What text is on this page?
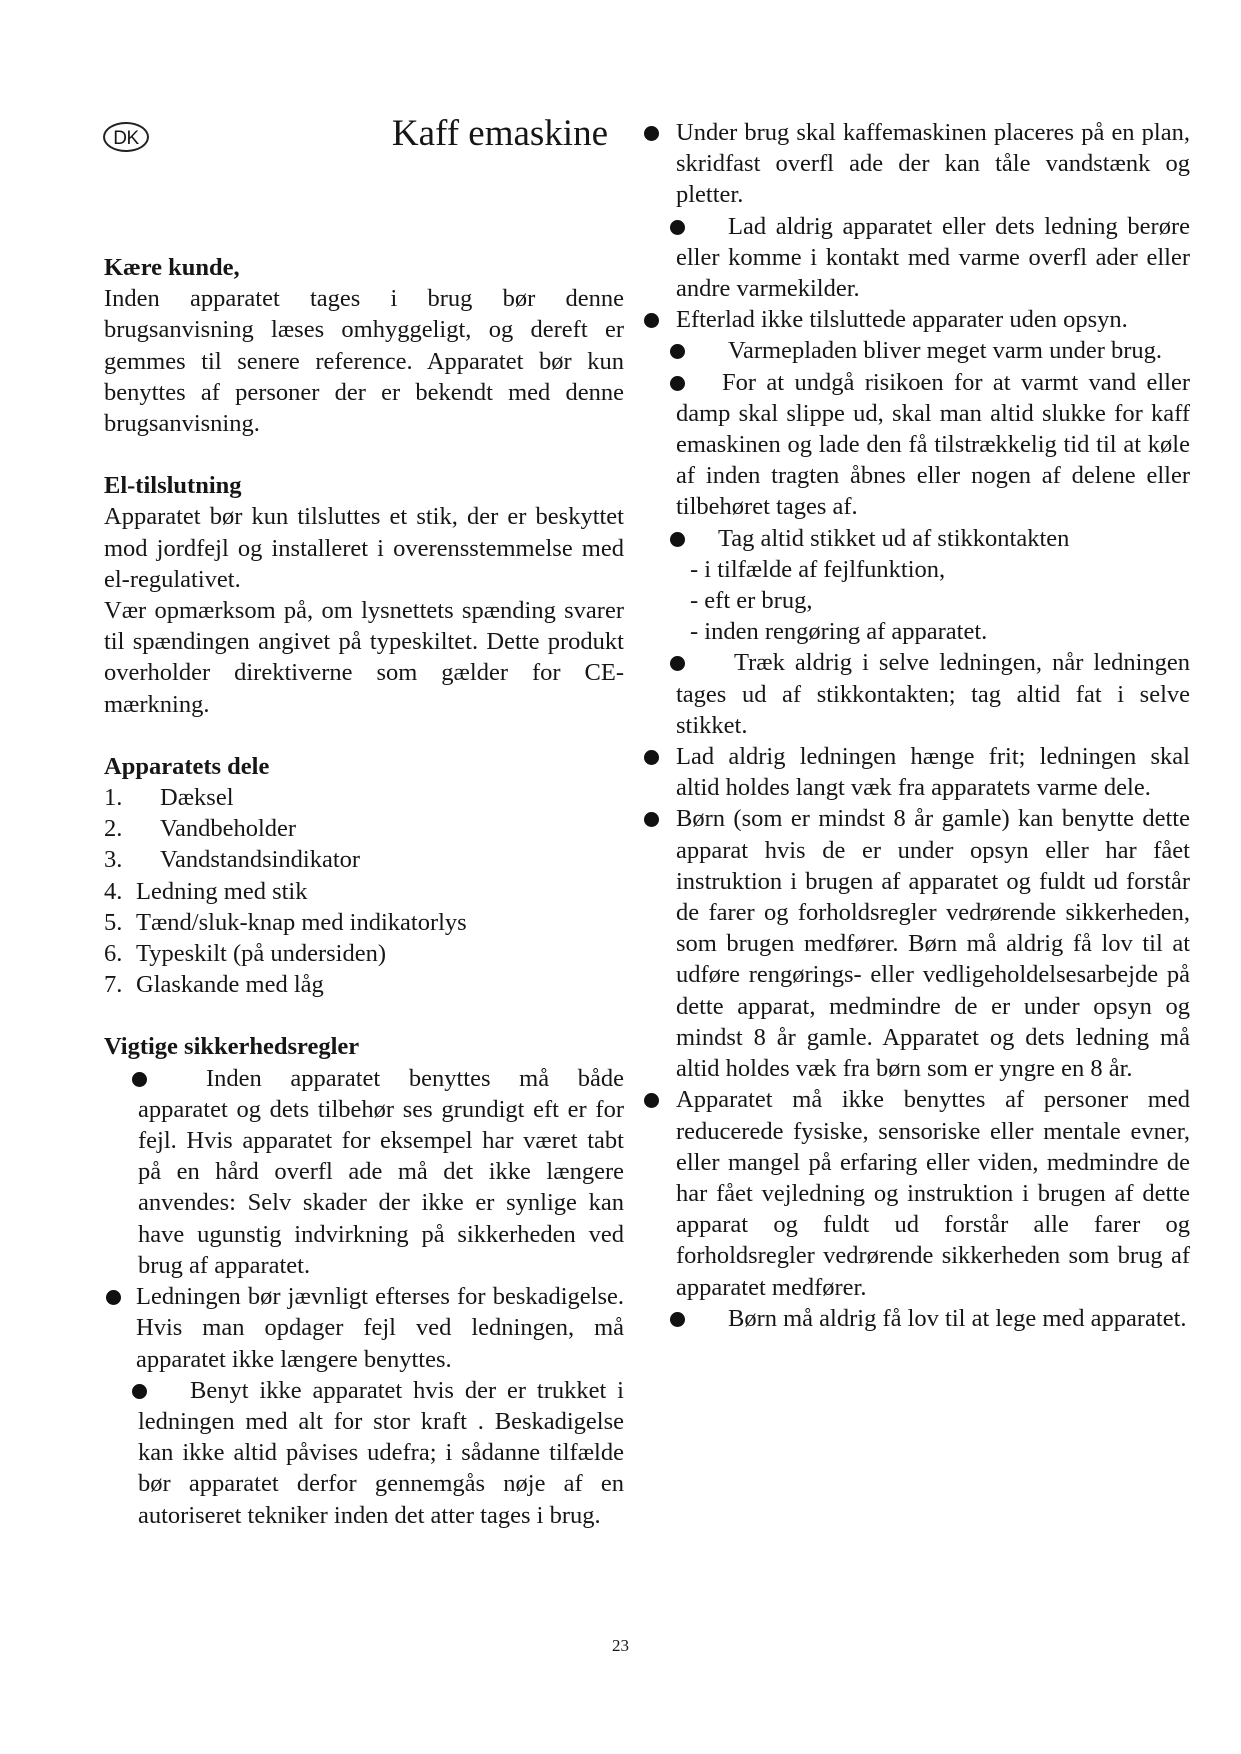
DK	Kaff emaskine

Kære kunde,

Inden apparatet tages i brug bør denne brugsanvisning læses omhyggeligt, og dereft er gemmes til senere reference. Apparatet bør kun benyttes af personer der er bekendt med denne brugsanvisning.

El-tilslutning

Apparatet bør kun tilsluttes et stik, der er beskyttet mod jordfejl og installeret i overensstemmelse med el-regulativet.

Vær opmærksom på, om lysnettets spænding svarer til spændingen angivet på typeskiltet. Dette produkt overholder direktiverne som gælder for CE-mærkning.

Apparatets dele

1. Dæksel
2. Vandbeholder
3. Vandstandsindikator
4. Ledning med stik
5. Tænd/sluk-knap med indikatorlys
6. Typeskilt (på undersiden)
7. Glaskande med låg

Vigtige sikkerhedsregler

Inden apparatet benyttes må både apparatet og dets tilbehør ses grundigt eft er for fejl. Hvis apparatet for eksempel har været tabt på en hård overfl ade må det ikke længere anvendes: Selv skader der ikke er synlige kan have ugunstig indvirkning på sikkerheden ved brug af apparatet.

Ledningen bør jævnligt efterses for beskadigelse. Hvis man opdager fejl ved ledningen, må apparatet ikke længere benyttes.

Benyt ikke apparatet hvis der er trukket i ledningen med alt for stor kraft . Beskadigelse kan ikke altid påvises udefra; i sådanne tilfælde bør apparatet derfor gennemgås nøje af en autoriseret tekniker inden det atter tages i brug.

Under brug skal kaffemaskinen placeres på en plan, skridfast overfl ade der kan tåle vandstænk og pletter.

Lad aldrig apparatet eller dets ledning berøre eller komme i kontakt med varme overfl ader eller andre varmekilder.

Efterlad ikke tilsluttede apparater uden opsyn.

Varmepladen bliver meget varm under brug.

For at undgå risikoen for at varmt vand eller damp skal slippe ud, skal man altid slukke for kaff emaskinen og lade den få tilstrækkelig tid til at køle af inden tragten åbnes eller nogen af delene eller tilbehøret tages af.

Tag altid stikket ud af stikkontakten

- i tilfælde af fejlfunktion,

- eft er brug,

- inden rengøring af apparatet.

Træk aldrig i selve ledningen, når ledningen tages ud af stikkontakten; tag altid fat i selve stikket.

Lad aldrig ledningen hænge frit; ledningen skal altid holdes langt væk fra apparatets varme dele.

Børn (som er mindst 8 år gamle) kan benytte dette apparat hvis de er under opsyn eller har fået instruktion i brugen af apparatet og fuldt ud forstår de farer og forholdsregler vedrørende sikkerheden, som brugen medfører. Børn må aldrig få lov til at udføre rengørings- eller vedligeholdelsesarbejde på dette apparat, medmindre de er under opsyn og mindst 8 år gamle. Apparatet og dets ledning må altid holdes væk fra børn som er yngre en 8 år.

Apparatet må ikke benyttes af personer med reducerede fysiske, sensoriske eller mentale evner, eller mangel på erfaring eller viden, medmindre de har fået vejledning og instruktion i brugen af dette apparat og fuldt ud forstår alle farer og forholdsregler vedrørende sikkerheden som brug af apparatet medfører.

Børn må aldrig få lov til at lege med apparatet.

23
